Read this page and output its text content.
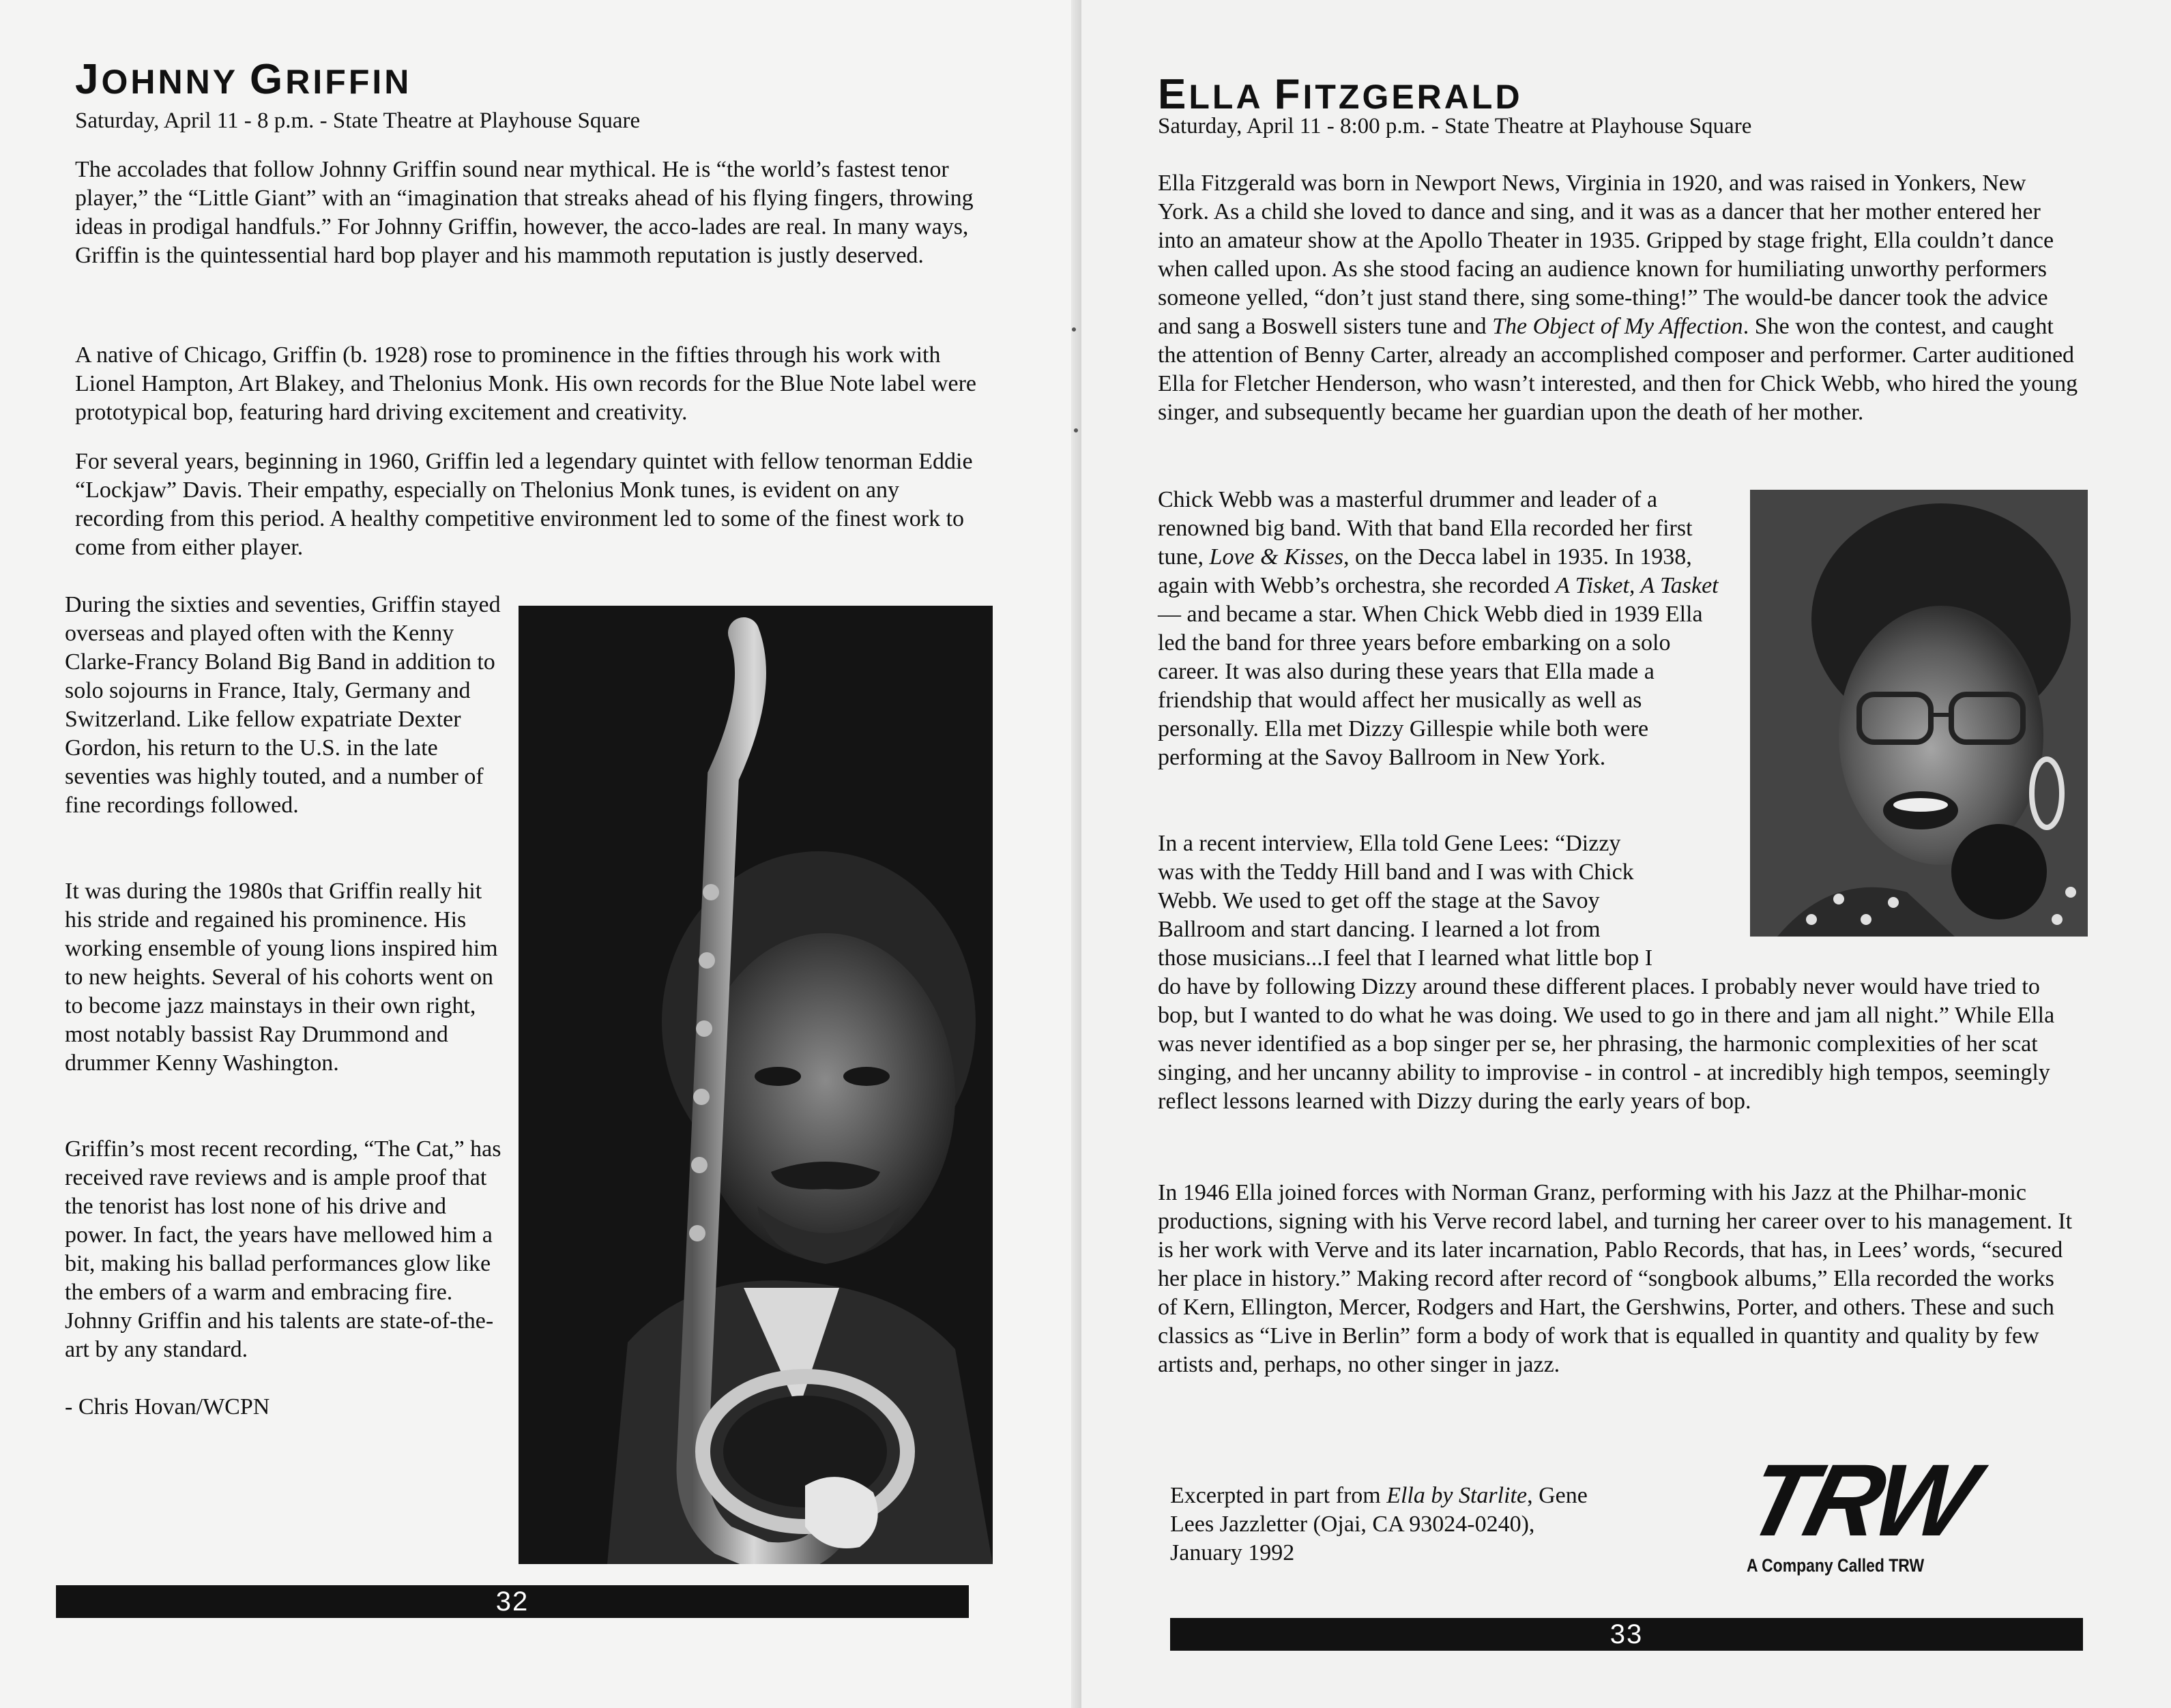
JOHNNY GRIFFIN

Saturday, April 11 - 8 p.m. - State Theatre at Playhouse Square

The accolades that follow Johnny Griffin sound near mythical. He is “the world’s fastest tenor player,” the “Little Giant” with an “imagination that streaks ahead of his flying fingers, throwing ideas in prodigal handfuls.” For Johnny Griffin, however, the acco-lades are real. In many ways, Griffin is the quintessential hard bop player and his mammoth reputation is justly deserved.

A native of Chicago, Griffin (b. 1928) rose to prominence in the fifties through his work with Lionel Hampton, Art Blakey, and Thelonius Monk. His own records for the Blue Note label were prototypical bop, featuring hard driving excitement and creativity.

For several years, beginning in 1960, Griffin led a legendary quintet with fellow tenorman Eddie “Lockjaw” Davis. Their empathy, especially on Thelonius Monk tunes, is evident on any recording from this period. A healthy competitive environment led to some of the finest work to come from either player.

During the sixties and seventies, Griffin stayed overseas and played often with the Kenny Clarke-Francy Boland Big Band in addition to solo sojourns in France, Italy, Germany and Switzerland. Like fellow expatriate Dexter Gordon, his return to the U.S. in the late seventies was highly touted, and a number of fine recordings followed.

It was during the 1980s that Griffin really hit his stride and regained his prominence. His working ensemble of young lions inspired him to new heights. Several of his cohorts went on to become jazz mainstays in their own right, most notably bassist Ray Drummond and drummer Kenny Washington.

Griffin’s most recent recording, “The Cat,” has received rave reviews and is ample proof that the tenorist has lost none of his drive and power. In fact, the years have mellowed him a bit, making his ballad performances glow like the embers of a warm and embracing fire. Johnny Griffin and his talents are state-of-the-art by any standard.

- Chris Hovan/WCPN

32
ELLA FITZGERALD

Saturday, April 11 - 8:00 p.m. - State Theatre at Playhouse Square

Ella Fitzgerald was born in Newport News, Virginia in 1920, and was raised in Yonkers, New York. As a child she loved to dance and sing, and it was as a dancer that her mother entered her into an amateur show at the Apollo Theater in 1935. Gripped by stage fright, Ella couldn’t dance when called upon. As she stood facing an audience known for humiliating unworthy performers someone yelled, “don’t just stand there, sing some-thing!” The would-be dancer took the advice and sang a Boswell sisters tune and The Object of My Affection. She won the contest, and caught the attention of Benny Carter, already an accomplished composer and performer. Carter auditioned Ella for Fletcher Henderson, who wasn’t interested, and then for Chick Webb, who hired the young singer, and subsequently became her guardian upon the death of her mother.

Chick Webb was a masterful drummer and leader of a renowned big band. With that band Ella recorded her first tune, Love & Kisses, on the Decca label in 1935. In 1938, again with Webb’s orchestra, she recorded A Tisket, A Tasket — and became a star. When Chick Webb died in 1939 Ella led the band for three years before embarking on a solo career. It was also during these years that Ella made a friendship that would affect her musically as well as personally. Ella met Dizzy Gillespie while both were performing at the Savoy Ballroom in New York.

In a recent interview, Ella told Gene Lees: “Dizzy
was with the Teddy Hill band and I was with Chick
Webb. We used to get off the stage at the Savoy
Ballroom and start dancing. I learned a lot from
those musicians...I feel that I learned what little bop I

do have by following Dizzy around these different places. I probably never would have tried to bop, but I wanted to do what he was doing. We used to go in there and jam all night.” While Ella was never identified as a bop singer per se, her phrasing, the harmonic complexities of her scat singing, and her uncanny ability to improvise - in control - at incredibly high tempos, seemingly reflect lessons learned with Dizzy during the early years of bop.

In 1946 Ella joined forces with Norman Granz, performing with his Jazz at the Philhar-monic productions, signing with his Verve record label, and turning her career over to his management. It is her work with Verve and its later incarnation, Pablo Records, that has, in Lees’ words, “secured her place in history.” Making record after record of “songbook albums,” Ella recorded the works of Kern, Ellington, Mercer, Rodgers and Hart, the Gershwins, Porter, and others. These and such classics as “Live in Berlin” form a body of work that is equalled in quantity and quality by few artists and, perhaps, no other singer in jazz.

Excerpted in part from Ella by Starlite, Gene Lees Jazzletter (Ojai, CA 93024-0240), January 1992	TRW
A Company Called TRW
33
